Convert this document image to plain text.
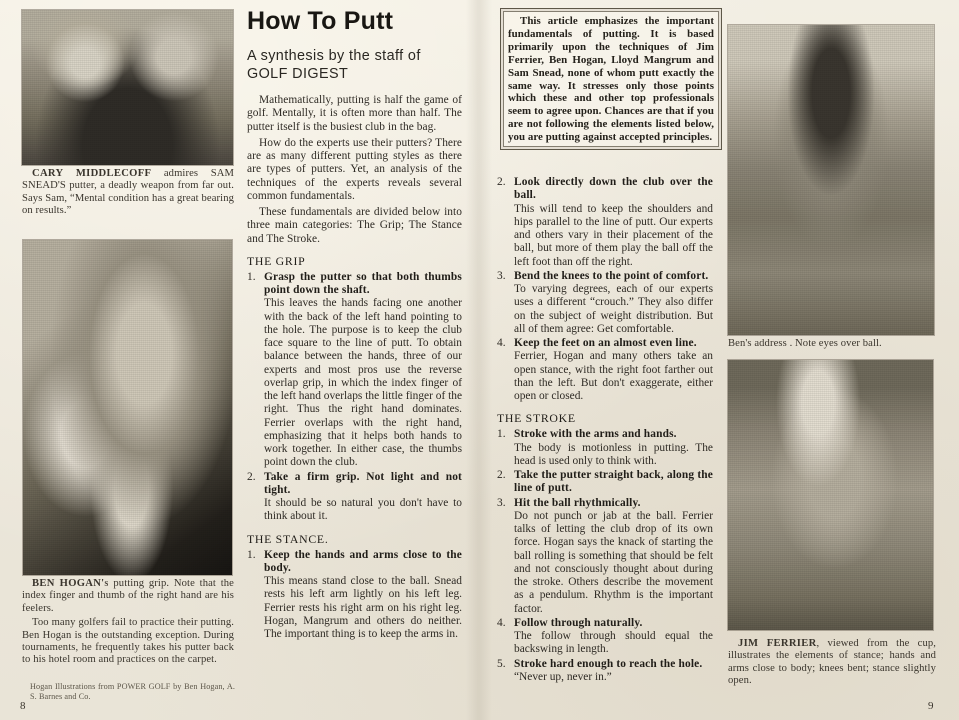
CARY MIDDLECOFF admires SAM SNEAD'S putter, a deadly weapon from far out. Says Sam, “Mental condition has a great bearing on results.”

BEN HOGAN's putting grip. Note that the index finger and thumb of the right hand are his feelers.

Too many golfers fail to practice their putting. Ben Hogan is the outstanding exception. During tournaments, he frequently takes his putter back to his hotel room and practices on the carpet.

Hogan Illustrations from POWER GOLF by Ben Hogan, A. S. Barnes and Co.
8
How To Putt
A synthesis by the staff of
GOLF DIGEST

Mathematically, putting is half the game of golf. Mentally, it is often more than half. The putter itself is the busiest club in the bag.

How do the experts use their putters? There are as many different putting styles as there are types of putters. Yet, an analysis of the techniques of the experts reveals several common fundamentals.

These fundamentals are divided below into three main categories: The Grip; The Stance and The Stroke.

THE GRIP
1. Grasp the putter so that both thumbs point down the shaft.
This leaves the hands facing one another with the back of the left hand pointing to the hole. The purpose is to keep the club face square to the line of putt. To obtain balance between the hands, three of our experts and most pros use the reverse overlap grip, in which the index finger of the left hand overlaps the little finger of the right. Thus the right hand dominates. Ferrier overlaps with the right hand, emphasizing that it helps both hands to work together. In either case, the thumbs point down the club.
2. Take a firm grip. Not light and not tight.
It should be so natural you don't have to think about it.
THE STANCE.
1. Keep the hands and arms close to the body.
This means stand close to the ball. Snead rests his left arm lightly on his left leg. Ferrier rests his right arm on his right leg. Hogan, Mangrum and others do neither. The important thing is to keep the arms in.

This article emphasizes the important fundamentals of putting. It is based primarily upon the techniques of Jim Ferrier, Ben Hogan, Lloyd Mangrum and Sam Snead, none of whom putt exactly the same way. It stresses only those points which these and other top professionals seem to agree upon. Chances are that if you are not following the elements listed below, you are putting against accepted principles.

2. Look directly down the club over the ball.
This will tend to keep the shoulders and hips parallel to the line of putt. Our experts and others vary in their placement of the ball, but more of them play the ball off the left foot than off the right.
3. Bend the knees to the point of comfort.
To varying degrees, each of our experts uses a different “crouch.” They also differ on the subject of weight distribution. But all of them agree: Get comfortable.
4. Keep the feet on an almost even line.
Ferrier, Hogan and many others take an open stance, with the right foot farther out than the left. But don't exaggerate, either open or closed.
THE STROKE
1. Stroke with the arms and hands.
The body is motionless in putting. The head is used only to think with.
2. Take the putter straight back, along the line of putt.
3. Hit the ball rhythmically.
Do not punch or jab at the ball. Ferrier talks of letting the club drop of its own force. Hogan says the knack of starting the ball rolling is something that should be felt and not consciously thought about during the stroke. Others describe the movement as a pendulum. Rhythm is the important factor.
4. Follow through naturally.
The follow through should equal the backswing in length.
5. Stroke hard enough to reach the hole.
“Never up, never in.”

Ben's address . Note eyes over ball.

JIM FERRIER, viewed from the cup, illustrates the elements of stance; hands and arms close to body; knees bent; stance slightly open.

9
